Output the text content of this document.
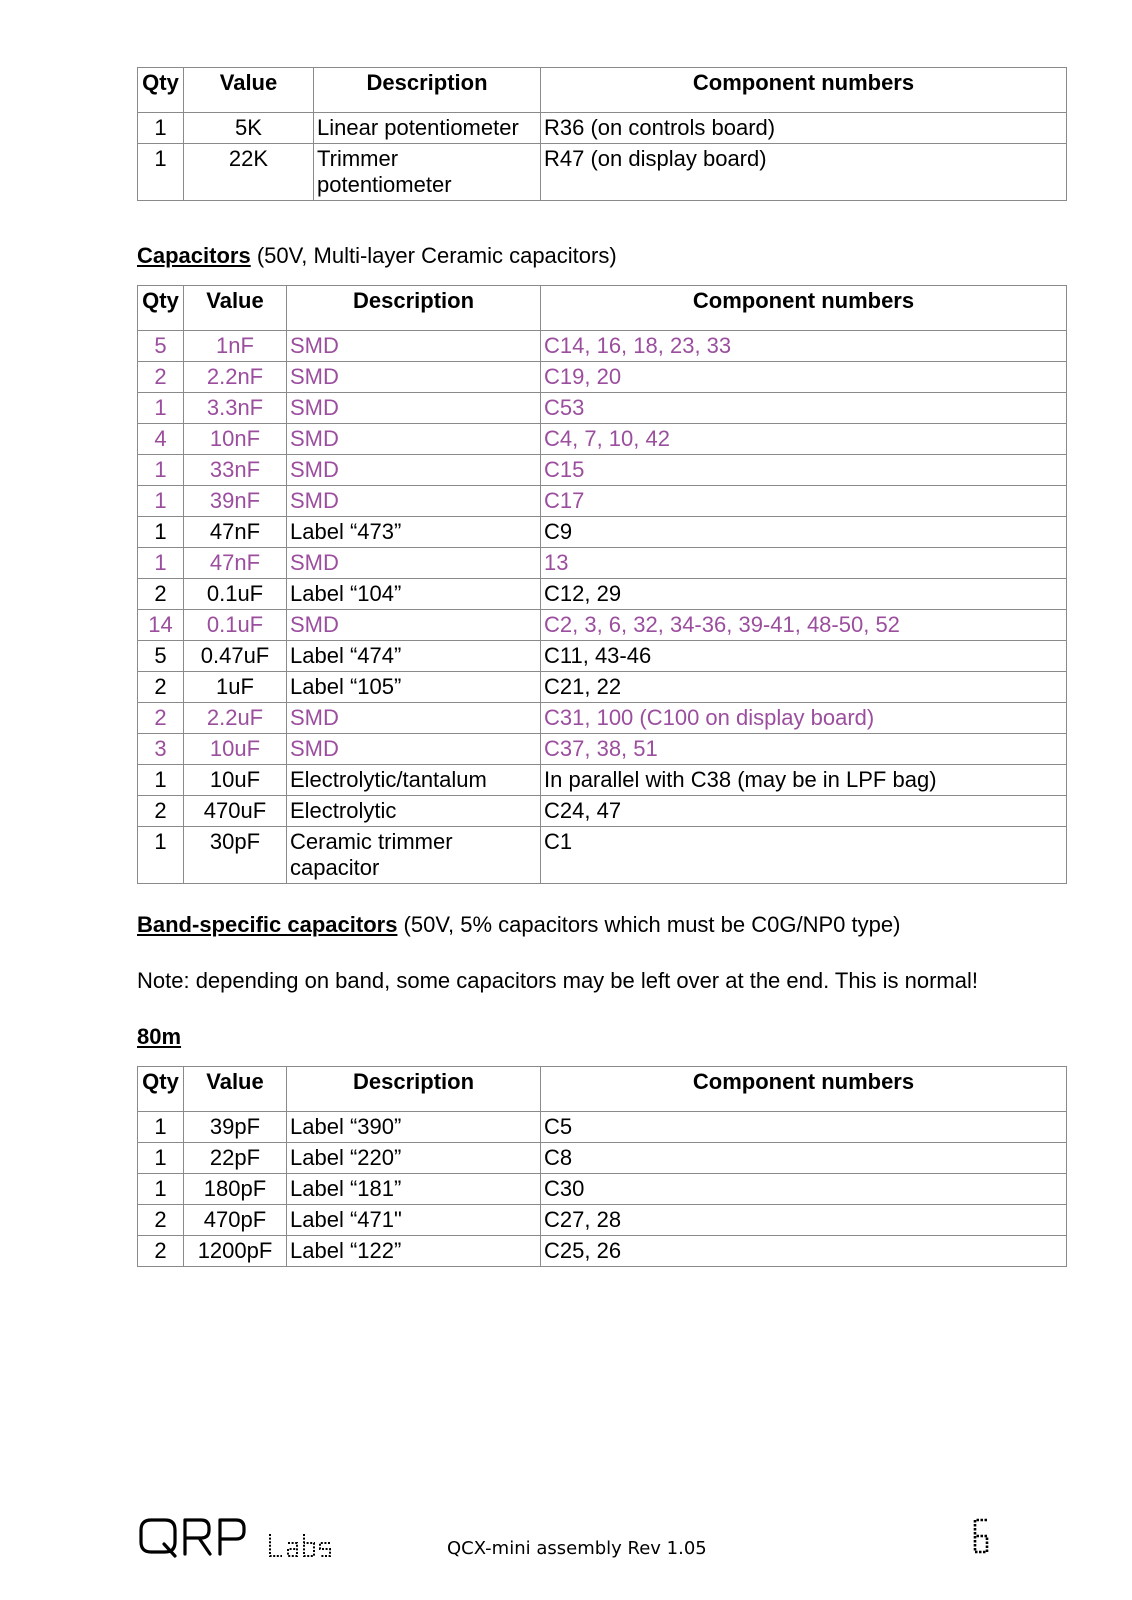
Qty	Value	Description	Component numbers
1	5K	Linear potentiometer	R36 (on controls board)
1	22K	Trimmer potentiometer	R47 (on display board)

Capacitors (50V, Multi-layer Ceramic capacitors)

Qty	Value	Description	Component numbers
5	1nF	SMD	C14, 16, 18, 23, 33
2	2.2nF	SMD	C19, 20
1	3.3nF	SMD	C53
4	10nF	SMD	C4, 7, 10, 42
1	33nF	SMD	C15
1	39nF	SMD	C17
1	47nF	Label “473”	C9
1	47nF	SMD	13
2	0.1uF	Label “104”	C12, 29
14	0.1uF	SMD	C2, 3, 6, 32, 34-36, 39-41, 48-50, 52
5	0.47uF	Label “474”	C11, 43-46
2	1uF	Label “105”	C21, 22
2	2.2uF	SMD	C31, 100 (C100 on display board)
3	10uF	SMD	C37, 38, 51
1	10uF	Electrolytic/tantalum	In parallel with C38 (may be in LPF bag)
2	470uF	Electrolytic	C24, 47
1	30pF	Ceramic trimmer capacitor	C1

Band-specific capacitors (50V, 5% capacitors which must be C0G/NP0 type)

Note: depending on band, some capacitors may be left over at the end. This is normal!

80m

Qty	Value	Description	Component numbers
1	39pF	Label “390”	C5
1	22pF	Label “220”	C8
1	180pF	Label “181”	C30
2	470pF	Label “471"	C27, 28
2	1200pF	Label “122”	C25, 26
QCX-mini assembly Rev 1.05
